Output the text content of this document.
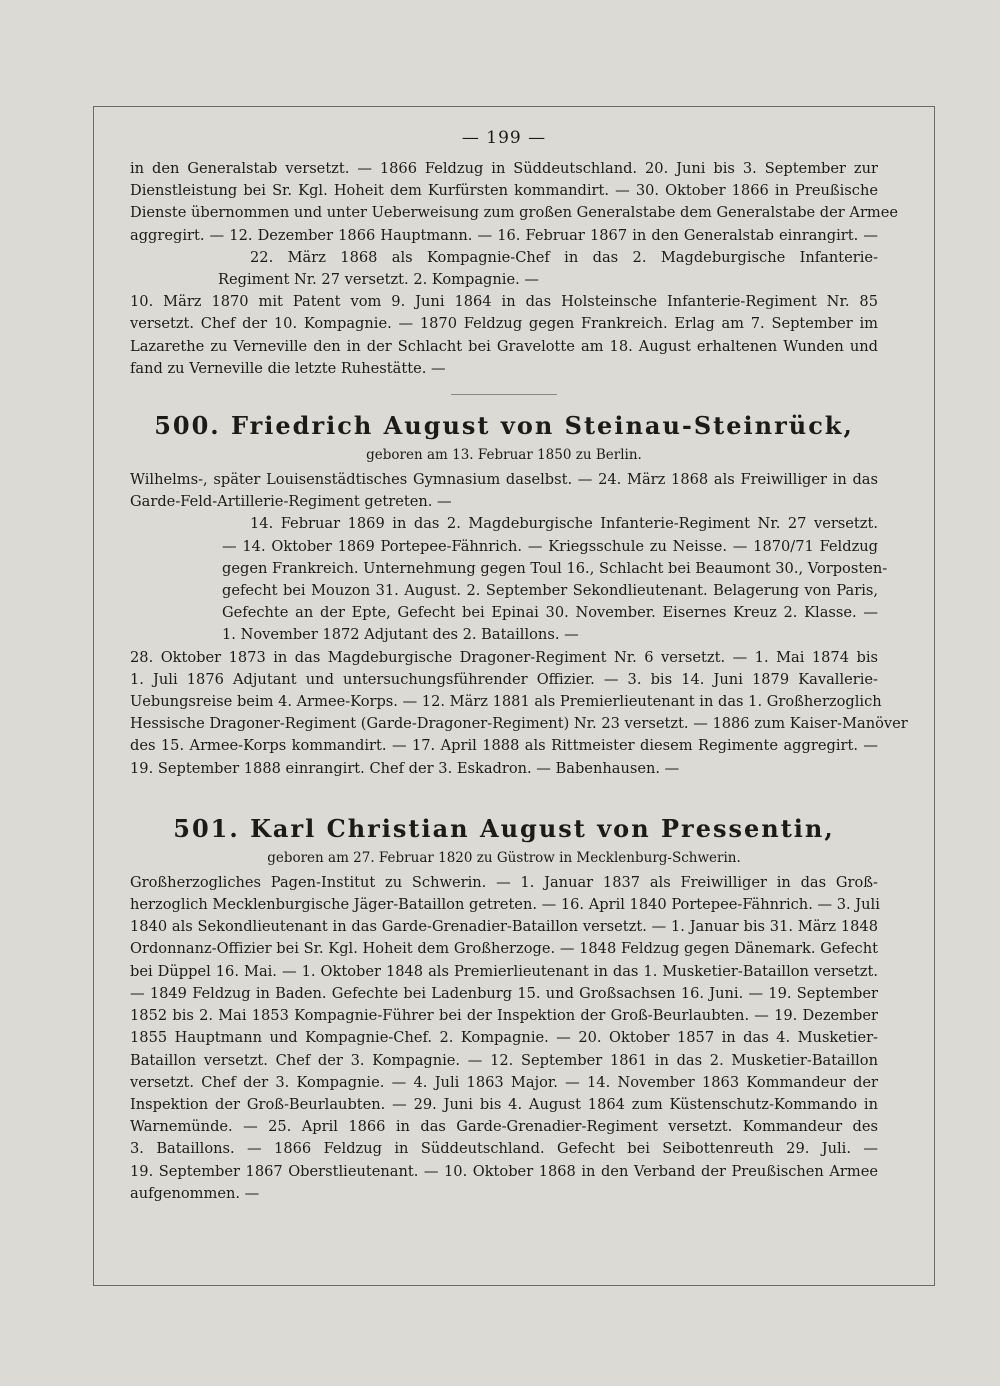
— 199 —
in den Generalstab versetzt. — 1866 Feldzug in Süddeutschland. 20. Juni bis 3. September zur
Dienstleistung bei Sr. Kgl. Hoheit dem Kurfürsten kommandirt. — 30. Oktober 1866 in Preußische
Dienste übernommen und unter Ueberweisung zum großen Generalstabe dem Generalstabe der Armee
aggregirt. — 12. Dezember 1866 Hauptmann. — 16. Februar 1867 in den Generalstab einrangirt. —
22. März 1868 als Kompagnie-Chef in das 2. Magdeburgische Infanterie-
Regiment Nr. 27 versetzt. 2. Kompagnie. —
10. März 1870 mit Patent vom 9. Juni 1864 in das Holsteinsche Infanterie-Regiment Nr. 85
versetzt. Chef der 10. Kompagnie. — 1870 Feldzug gegen Frankreich. Erlag am 7. September im
Lazarethe zu Verneville den in der Schlacht bei Gravelotte am 18. August erhaltenen Wunden und
fand zu Verneville die letzte Ruhestätte. —
500. Friedrich August von Steinau-Steinrück,
geboren am 13. Februar 1850 zu Berlin.
Wilhelms-, später Louisenstädtisches Gymnasium daselbst. — 24. März 1868 als Freiwilliger in das
Garde-Feld-Artillerie-Regiment getreten. —
14. Februar 1869 in das 2. Magdeburgische Infanterie-Regiment Nr. 27 versetzt.
— 14. Oktober 1869 Portepee-Fähnrich. — Kriegsschule zu Neisse. — 1870/71 Feldzug
gegen Frankreich. Unternehmung gegen Toul 16., Schlacht bei Beaumont 30., Vorposten-
gefecht bei Mouzon 31. August. 2. September Sekondlieutenant. Belagerung von Paris,
Gefechte an der Epte, Gefecht bei Epinai 30. November. Eisernes Kreuz 2. Klasse. —
1. November 1872 Adjutant des 2. Bataillons. —
28. Oktober 1873 in das Magdeburgische Dragoner-Regiment Nr. 6 versetzt. — 1. Mai 1874 bis
1. Juli 1876 Adjutant und untersuchungsführender Offizier. — 3. bis 14. Juni 1879 Kavallerie-
Uebungsreise beim 4. Armee-Korps. — 12. März 1881 als Premierlieutenant in das 1. Großherzoglich
Hessische Dragoner-Regiment (Garde-Dragoner-Regiment) Nr. 23 versetzt. — 1886 zum Kaiser-Manöver
des 15. Armee-Korps kommandirt. — 17. April 1888 als Rittmeister diesem Regimente aggregirt. —
19. September 1888 einrangirt. Chef der 3. Eskadron. — Babenhausen. —
501. Karl Christian August von Pressentin,
geboren am 27. Februar 1820 zu Güstrow in Mecklenburg-Schwerin.
Großherzogliches Pagen-Institut zu Schwerin. — 1. Januar 1837 als Freiwilliger in das Groß-
herzoglich Mecklenburgische Jäger-Bataillon getreten. — 16. April 1840 Portepee-Fähnrich. — 3. Juli
1840 als Sekondlieutenant in das Garde-Grenadier-Bataillon versetzt. — 1. Januar bis 31. März 1848
Ordonnanz-Offizier bei Sr. Kgl. Hoheit dem Großherzoge. — 1848 Feldzug gegen Dänemark. Gefecht
bei Düppel 16. Mai. — 1. Oktober 1848 als Premierlieutenant in das 1. Musketier-Bataillon versetzt.
— 1849 Feldzug in Baden. Gefechte bei Ladenburg 15. und Großsachsen 16. Juni. — 19. September
1852 bis 2. Mai 1853 Kompagnie-Führer bei der Inspektion der Groß-Beurlaubten. — 19. Dezember
1855 Hauptmann und Kompagnie-Chef. 2. Kompagnie. — 20. Oktober 1857 in das 4. Musketier-
Bataillon versetzt. Chef der 3. Kompagnie. — 12. September 1861 in das 2. Musketier-Bataillon
versetzt. Chef der 3. Kompagnie. — 4. Juli 1863 Major. — 14. November 1863 Kommandeur der
Inspektion der Groß-Beurlaubten. — 29. Juni bis 4. August 1864 zum Küstenschutz-Kommando in
Warnemünde. — 25. April 1866 in das Garde-Grenadier-Regiment versetzt. Kommandeur des
3. Bataillons. — 1866 Feldzug in Süddeutschland. Gefecht bei Seibottenreuth 29. Juli. —
19. September 1867 Oberstlieutenant. — 10. Oktober 1868 in den Verband der Preußischen Armee
aufgenommen. —
